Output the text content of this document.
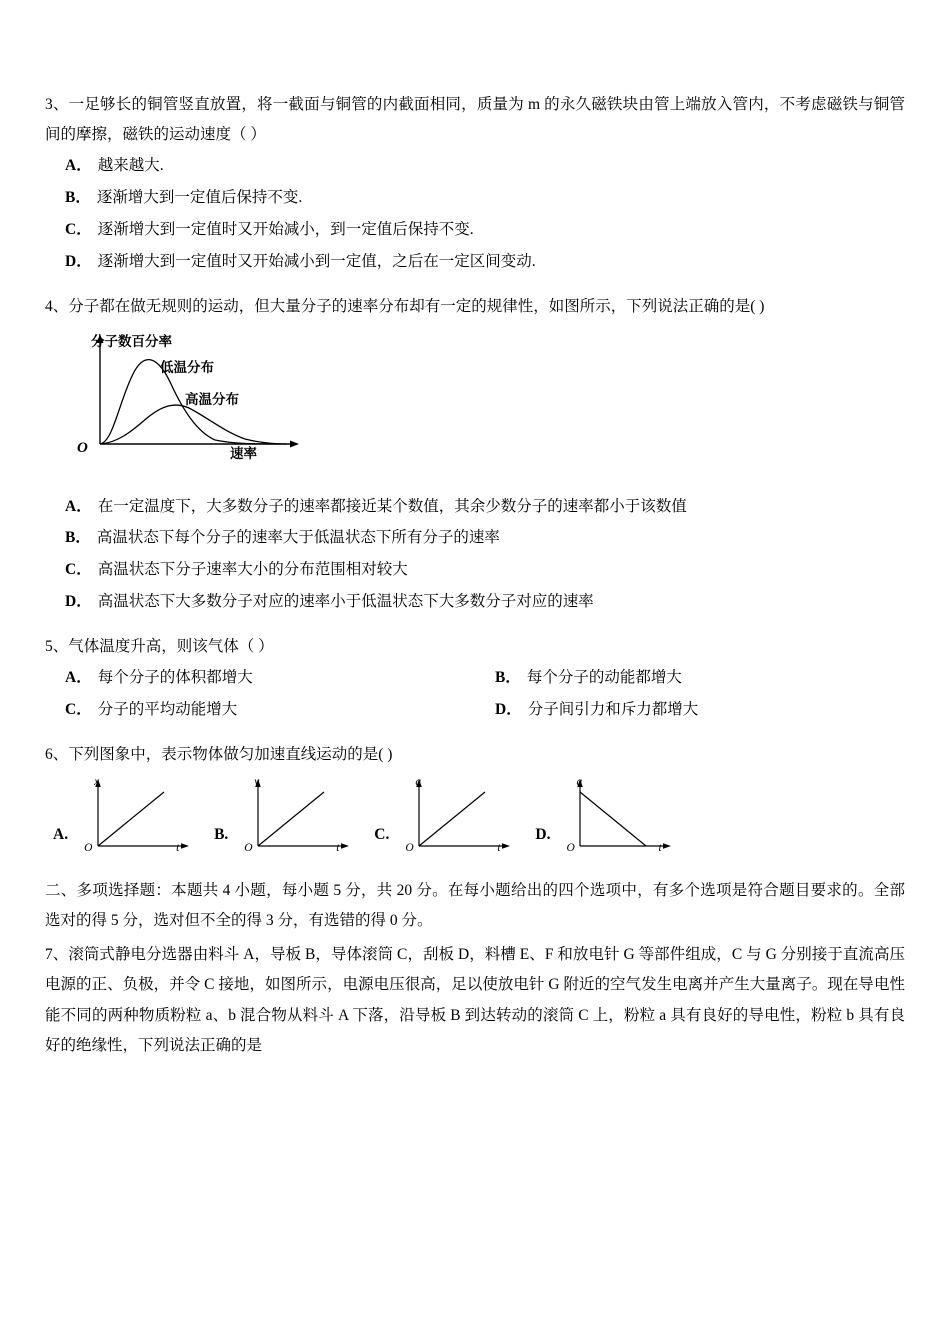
3、一足够长的铜管竖直放置，将一截面与铜管的内截面相同，质量为 m 的永久磁铁块由管上端放入管内，不考虑磁铁与铜管间的摩擦，磁铁的运动速度（ ）
A． 越来越大.
B． 逐渐增大到一定值后保持不变.
C． 逐渐增大到一定值时又开始减小，到一定值后保持不变.
D． 逐渐增大到一定值时又开始减小到一定值，之后在一定区间变动.
4、分子都在做无规则的运动，但大量分子的速率分布却有一定的规律性，如图所示，下列说法正确的是( )
分子数百分率
低温分布
高温分布
速率
O
A． 在一定温度下，大多数分子的速率都接近某个数值，其余少数分子的速率都小于该数值
B． 高温状态下每个分子的速率大于低温状态下所有分子的速率
C． 高温状态下分子速率大小的分布范围相对较大
D． 高温状态下大多数分子对应的速率小于低温状态下大多数分子对应的速率
5、气体温度升高，则该气体（ ）
A． 每个分子的体积都增大	B． 每个分子的动能都增大
C． 分子的平均动能增大	D． 分子间引力和斥力都增大
6、下列图象中，表示物体做匀加速直线运动的是( )
A.
x
O	t
B.
v
O	t
C.
a
O	t
D.
a
O	t
二、多项选择题：本题共 4 小题，每小题 5 分，共 20 分。在每小题给出的四个选项中，有多个选项是符合题目要求的。全部选对的得 5 分，选对但不全的得 3 分，有选错的得 0 分。
7、滚筒式静电分选器由料斗 A，导板 B，导体滚筒 C，刮板 D，料槽 E、F 和放电针 G 等部件组成，C 与 G 分别接于直流高压电源的正、负极，并令 C 接地，如图所示，电源电压很高，足以使放电针 G 附近的空气发生电离并产生大量离子。现在导电性能不同的两种物质粉粒 a、b 混合物从料斗 A 下落，沿导板 B 到达转动的滚筒 C 上，粉粒 a 具有良好的导电性，粉粒 b 具有良好的绝缘性，下列说法正确的是
